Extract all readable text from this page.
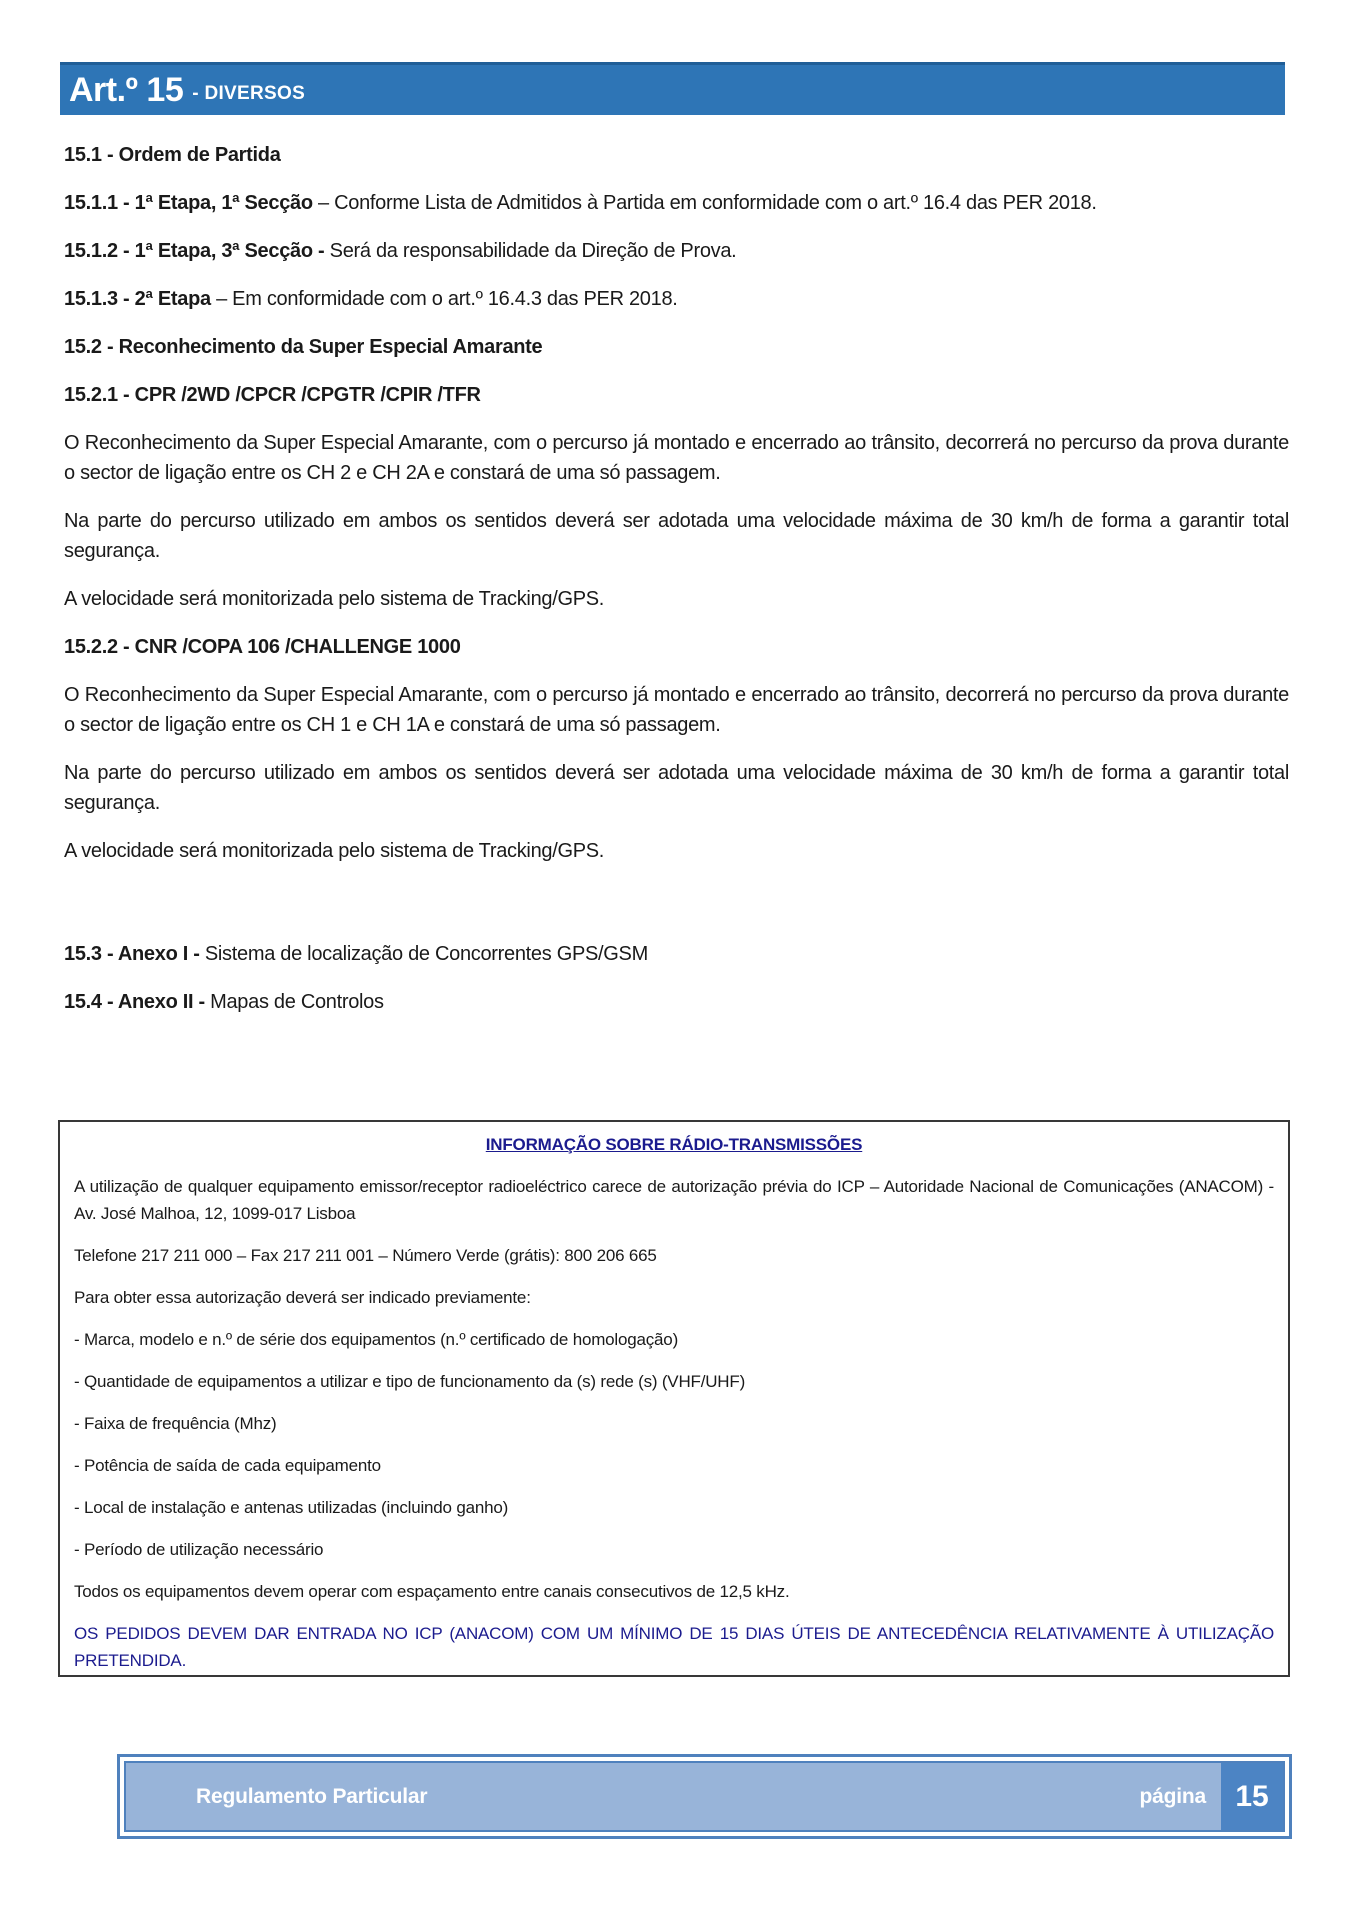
Art.º 15 - DIVERSOS

15.1 - Ordem de Partida

15.1.1 - 1ª Etapa, 1ª Secção – Conforme Lista de Admitidos à Partida em conformidade com o art.º 16.4 das PER 2018.

15.1.2 - 1ª Etapa, 3ª Secção - Será da responsabilidade da Direção de Prova.

15.1.3 - 2ª Etapa – Em conformidade com o art.º 16.4.3 das PER 2018.

15.2 - Reconhecimento da Super Especial Amarante

15.2.1 - CPR /2WD /CPCR /CPGTR /CPIR /TFR

O Reconhecimento da Super Especial Amarante, com o percurso já montado e encerrado ao trânsito, decorrerá no percurso da prova durante o sector de ligação entre os CH 2 e CH 2A e constará de uma só passagem.

Na parte do percurso utilizado em ambos os sentidos deverá ser adotada uma velocidade máxima de 30 km/h de forma a garantir total segurança.

A velocidade será monitorizada pelo sistema de Tracking/GPS.

15.2.2 - CNR /COPA 106 /CHALLENGE 1000

O Reconhecimento da Super Especial Amarante, com o percurso já montado e encerrado ao trânsito, decorrerá no percurso da prova durante o sector de ligação entre os CH 1 e CH 1A e constará de uma só passagem.

Na parte do percurso utilizado em ambos os sentidos deverá ser adotada uma velocidade máxima de 30 km/h de forma a garantir total segurança.

A velocidade será monitorizada pelo sistema de Tracking/GPS.

15.3 - Anexo I - Sistema de localização de Concorrentes GPS/GSM

15.4 - Anexo II - Mapas de Controlos

INFORMAÇÃO SOBRE RÁDIO-TRANSMISSÕES

A utilização de qualquer equipamento emissor/receptor radioeléctrico carece de autorização prévia do ICP – Autoridade Nacional de Comunicações (ANACOM) - Av. José Malhoa, 12, 1099-017 Lisboa

Telefone 217 211 000 – Fax 217 211 001 – Número Verde (grátis): 800 206 665

Para obter essa autorização deverá ser indicado previamente:

- Marca, modelo e n.º de série dos equipamentos (n.º certificado de homologação)

- Quantidade de equipamentos a utilizar e tipo de funcionamento da (s) rede (s) (VHF/UHF)

- Faixa de frequência (Mhz)

- Potência de saída de cada equipamento

- Local de instalação e antenas utilizadas (incluindo ganho)

- Período de utilização necessário

Todos os equipamentos devem operar com espaçamento entre canais consecutivos de 12,5 kHz.

OS PEDIDOS DEVEM DAR ENTRADA NO ICP (ANACOM) COM UM MÍNIMO DE 15 DIAS ÚTEIS DE ANTECEDÊNCIA RELATIVAMENTE À UTILIZAÇÃO PRETENDIDA.

Regulamento Particular	página 15
